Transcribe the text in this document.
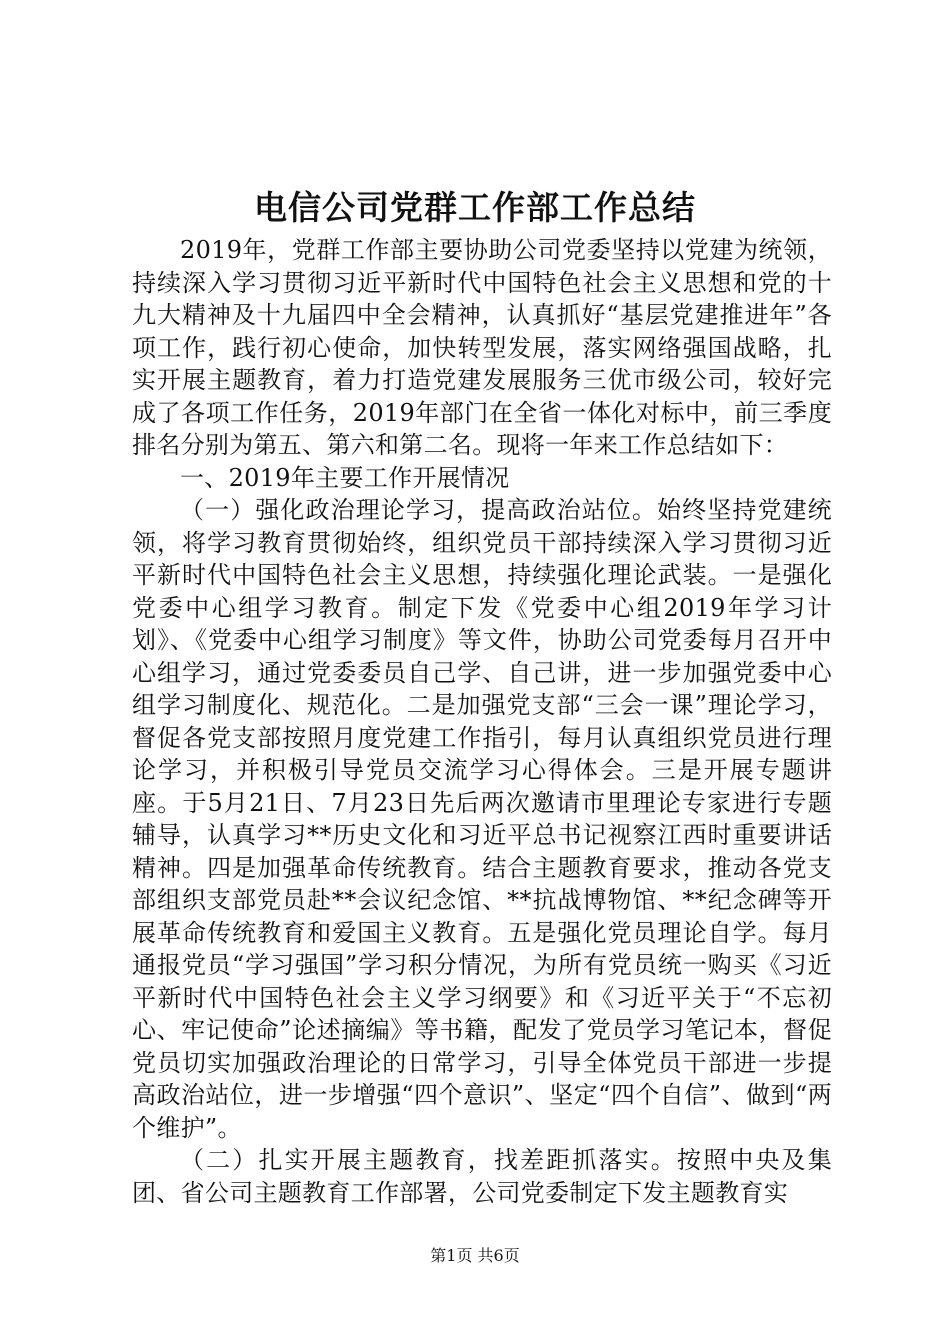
电信公司党群工作部工作总结

2019年，党群工作部主要协助公司党委坚持以党建为统领，持续深入学习贯彻习近平新时代中国特色社会主义思想和党的十九大精神及十九届四中全会精神，认真抓好“基层党建推进年”各项工作，践行初心使命，加快转型发展，落实网络强国战略，扎实开展主题教育，着力打造党建发展服务三优市级公司，较好完成了各项工作任务，2019年部门在全省一体化对标中，前三季度排名分别为第五、第六和第二名。现将一年来工作总结如下：

一、2019年主要工作开展情况

（一）强化政治理论学习，提高政治站位。始终坚持党建统领，将学习教育贯彻始终，组织党员干部持续深入学习贯彻习近平新时代中国特色社会主义思想，持续强化理论武装。一是强化党委中心组学习教育。制定下发《党委中心组2019年学习计划》、《党委中心组学习制度》等文件，协助公司党委每月召开中心组学习，通过党委委员自己学、自己讲，进一步加强党委中心组学习制度化、规范化。二是加强党支部“三会一课”理论学习，督促各党支部按照月度党建工作指引，每月认真组织党员进行理论学习，并积极引导党员交流学习心得体会。三是开展专题讲座。于5月21日、7月23日先后两次邀请市里理论专家进行专题辅导，认真学习**历史文化和习近平总书记视察江西时重要讲话精神。四是加强革命传统教育。结合主题教育要求，推动各党支部组织支部党员赴**会议纪念馆、**抗战博物馆、**纪念碑等开展革命传统教育和爱国主义教育。五是强化党员理论自学。每月通报党员“学习强国”学习积分情况，为所有党员统一购买《习近平新时代中国特色社会主义学习纲要》和《习近平关于“不忘初心、牢记使命”论述摘编》等书籍，配发了党员学习笔记本，督促党员切实加强政治理论的日常学习，引导全体党员干部进一步提高政治站位，进一步增强“四个意识”、坚定“四个自信”、做到“两个维护”。

（二）扎实开展主题教育，找差距抓落实。按照中央及集团、省公司主题教育工作部署，公司党委制定下发主题教育实

第1页 共6页
